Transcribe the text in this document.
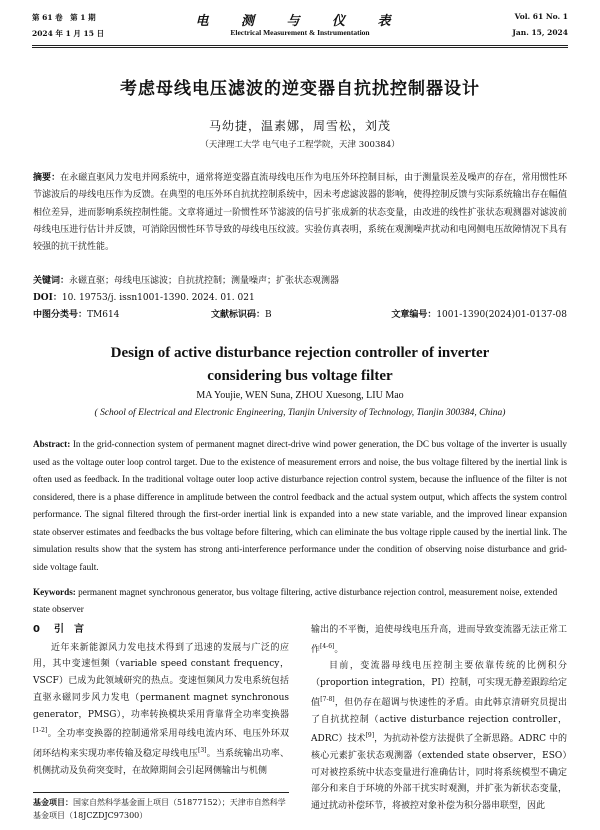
第 61 卷　第 1 期
2024 年 1 月 15 日
电 测 与 仪 表
Electrical Measurement & Instrumentation
Vol. 61 No. 1
Jan. 15, 2024
考虑母线电压滤波的逆变器自抗扰控制器设计
马幼捷，温素娜，周雪松，刘茂
（天津理工大学 电气电子工程学院，天津 300384）
摘要：在永磁直驱风力发电并网系统中，通常将逆变器直流母线电压作为电压外环控制目标，由于测量误差及噪声的存在，常用惯性环节滤波后的母线电压作为反馈。在典型的电压外环自抗扰控制系统中，因未考虑滤波器的影响，使得控制反馈与实际系统输出存在幅值相位差异，进而影响系统控制性能。文章将通过一阶惯性环节滤波的信号扩张成新的状态变量，由改进的线性扩张状态观测器对滤波前母线电压进行估计并反馈，可消除因惯性环节导致的母线电压纹波。实验仿真表明，系统在观测噪声扰动和电网侧电压故障情况下具有较强的抗干扰性能。
关键词：永磁直驱；母线电压滤波；自抗扰控制；测量噪声；扩张状态观测器
DOI：10. 19753/j. issn1001-1390. 2024. 01. 021
中图分类号：TM614	文献标识码：B	文章编号：1001-1390(2024)01-0137-08
Design of active disturbance rejection controller of inverter
considering bus voltage filter
MA Youjie, WEN Suna, ZHOU Xuesong, LIU Mao
( School of Electrical and Electronic Engineering, Tianjin University of Technology, Tianjin 300384, China)
Abstract: In the grid-connection system of permanent magnet direct-drive wind power generation, the DC bus voltage of the inverter is usually used as the voltage outer loop control target. Due to the existence of measurement errors and noise, the bus voltage filtered by the inertial link is often used as feedback. In the traditional voltage outer loop active disturbance rejection control system, because the influence of the filter is not considered, there is a phase difference in amplitude between the control feedback and the actual system output, which affects the system control performance. The signal filtered through the first-order inertial link is expanded into a new state variable, and the improved linear expansion state observer estimates and feedbacks the bus voltage before filtering, which can eliminate the bus voltage ripple caused by the inertial link. The simulation results show that the system has strong anti-interference performance under the condition of observing noise disturbance and grid-side voltage fault.
Keywords: permanent magnet synchronous generator, bus voltage filtering, active disturbance rejection control, measurement noise, extended state observer
0 引　言
近年来新能源风力发电技术得到了迅速的发展与广泛的应用，其中变速恒频（variable speed constant frequency，VSCF）已成为此领域研究的热点。变速恒频风力发电系统包括直驱永磁同步风力发电（permanent magnet synchronous generator，PMSG），功率转换模块采用背靠背全功率变换器[1-2]。全功率变换器的控制通常采用母线电流内环、电压外环双闭环结构来实现功率传输及稳定母线电压[3]。当系统输出功率、机侧扰动及负荷突变时，在故障期间会引起网侧输出与机侧
输出的不平衡，追使母线电压升高，进而导致变流器无法正常工作[4-6]。
目前，变流器母线电压控制主要依靠传统的比例积分（proportion integration，PI）控制，可实现无静差跟踪给定值[7-8]，但仍存在超调与快速性的矛盾。由此韩京清研究员提出了自抗扰控制（active disturbance rejection controller，ADRC）技术[9]，为抗动补偿方法提供了全新思路。ADRC 中的核心元素扩张状态观测器（extended state observer，ESO）可对被控系统中状态变量进行准确估计，同时将系统模型不确定部分和来自于环境的外部干扰实时观测，并扩张为新状态变量，通过扰动补偿环节，将被控对象补偿为积分器串联型，因此
基金项目：国家自然科学基金面上项目（51877152）；天津市自然科学基金项目（18JCZDJC97300）
